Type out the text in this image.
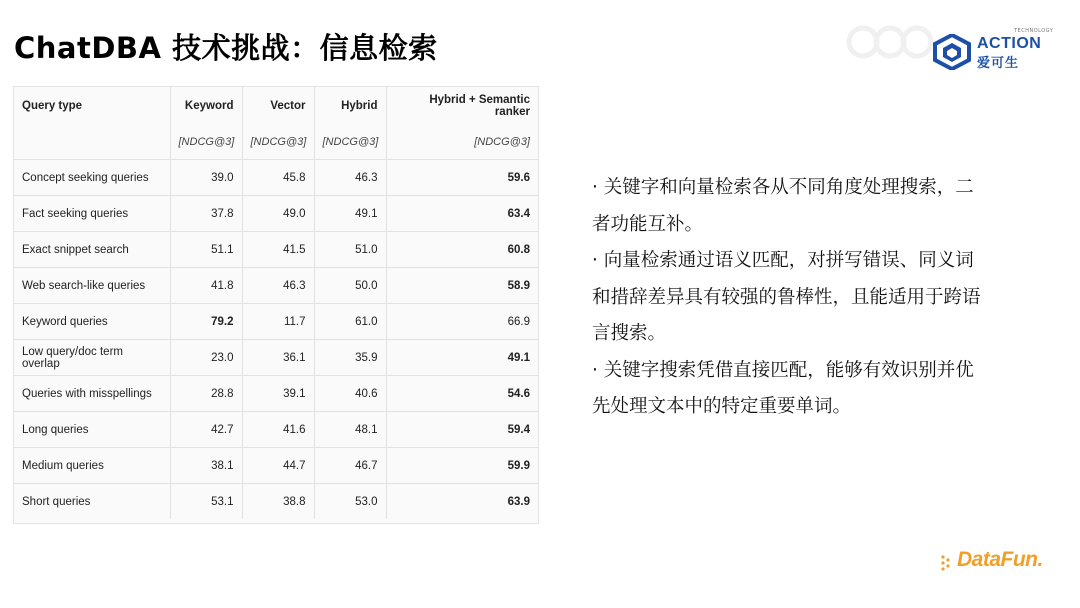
ChatDBA 技术挑战：信息检索	TECHNOLOGY
ACTION
爱可生
Query type	Keyword	Vector	Hybrid	Hybrid + Semantic ranker
	[NDCG@3]	[NDCG@3]	[NDCG@3]	[NDCG@3]
Concept seeking queries	39.0	45.8	46.3	59.6
Fact seeking queries	37.8	49.0	49.1	63.4
Exact snippet search	51.1	41.5	51.0	60.8
Web search-like queries	41.8	46.3	50.0	58.9
Keyword queries	79.2	11.7	61.0	66.9
Low query/doc term overlap	23.0	36.1	35.9	49.1
Queries with misspellings	28.8	39.1	40.6	54.6
Long queries	42.7	41.6	48.1	59.4
Medium queries	38.1	44.7	46.7	59.9
Short queries	53.1	38.8	53.0	63.9

· 关键字和向量检索各从不同角度处理搜索，二

者功能互补。

· 向量检索通过语义匹配，对拼写错误、同义词

和措辞差异具有较强的鲁棒性，且能适用于跨语

言搜索。

· 关键字搜索凭借直接匹配，能够有效识别并优

先处理文本中的特定重要单词。

DataFun.
